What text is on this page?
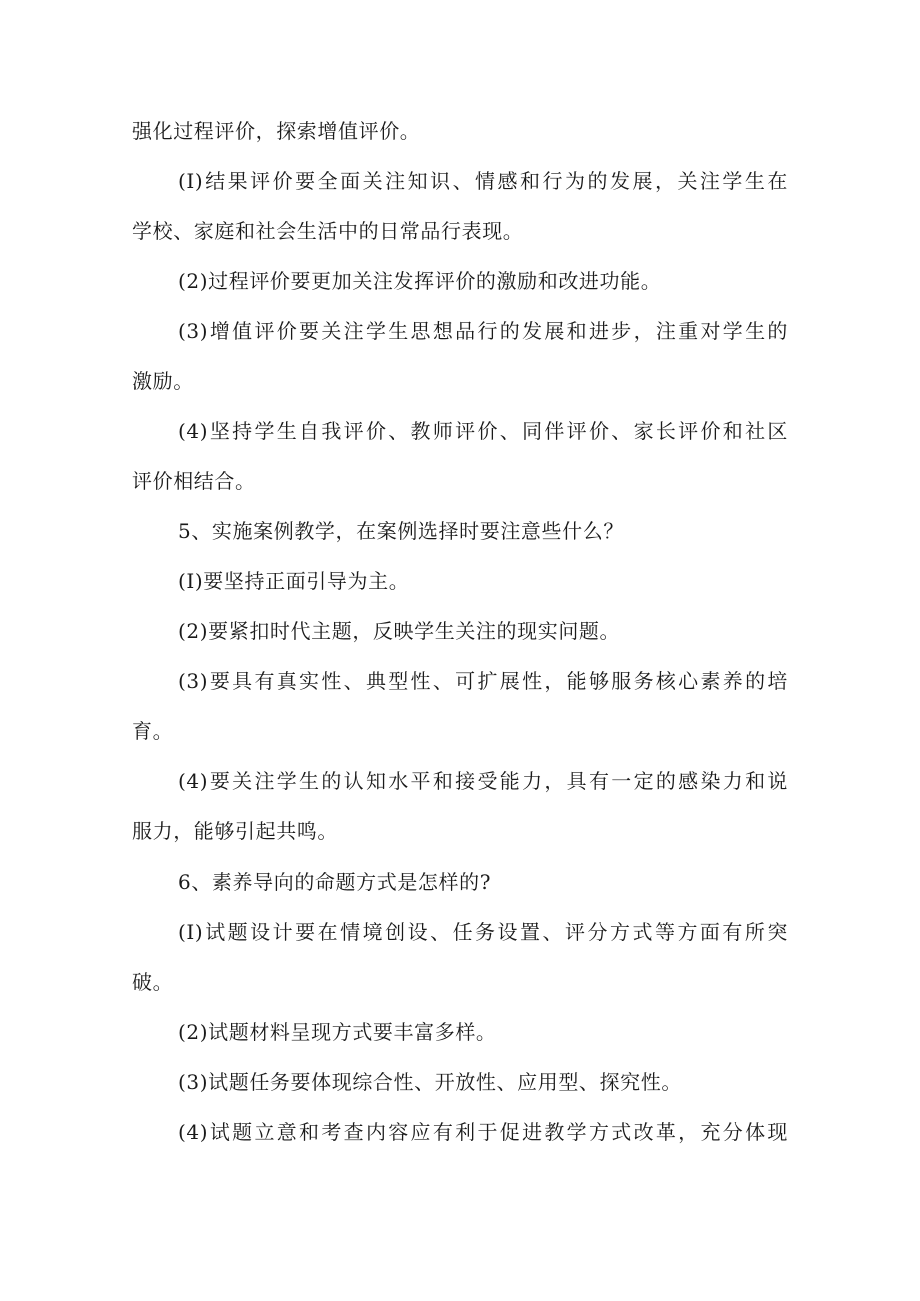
强化过程评价，探索增值评价。
(I)结果评价要全面关注知识、情感和行为的发展，关注学生在
学校、家庭和社会生活中的日常品行表现。
(2)过程评价要更加关注发挥评价的激励和改进功能。
(3)增值评价要关注学生思想品行的发展和进步，注重对学生的
激励。
(4)坚持学生自我评价、教师评价、同伴评价、家长评价和社区
评价相结合。
5、实施案例教学，在案例选择时要注意些什么？
(I)要坚持正面引导为主。
(2)要紧扣时代主题，反映学生关注的现实问题。
(3)要具有真实性、典型性、可扩展性，能够服务核心素养的培
育。
(4)要关注学生的认知水平和接受能力，具有一定的感染力和说
服力，能够引起共鸣。
6、素养导向的命题方式是怎样的?
(I)试题设计要在情境创设、任务设置、评分方式等方面有所突
破。
(2)试题材料呈现方式要丰富多样。
(3)试题任务要体现综合性、开放性、应用型、探究性。
(4)试题立意和考查内容应有利于促进教学方式改革，充分体现
